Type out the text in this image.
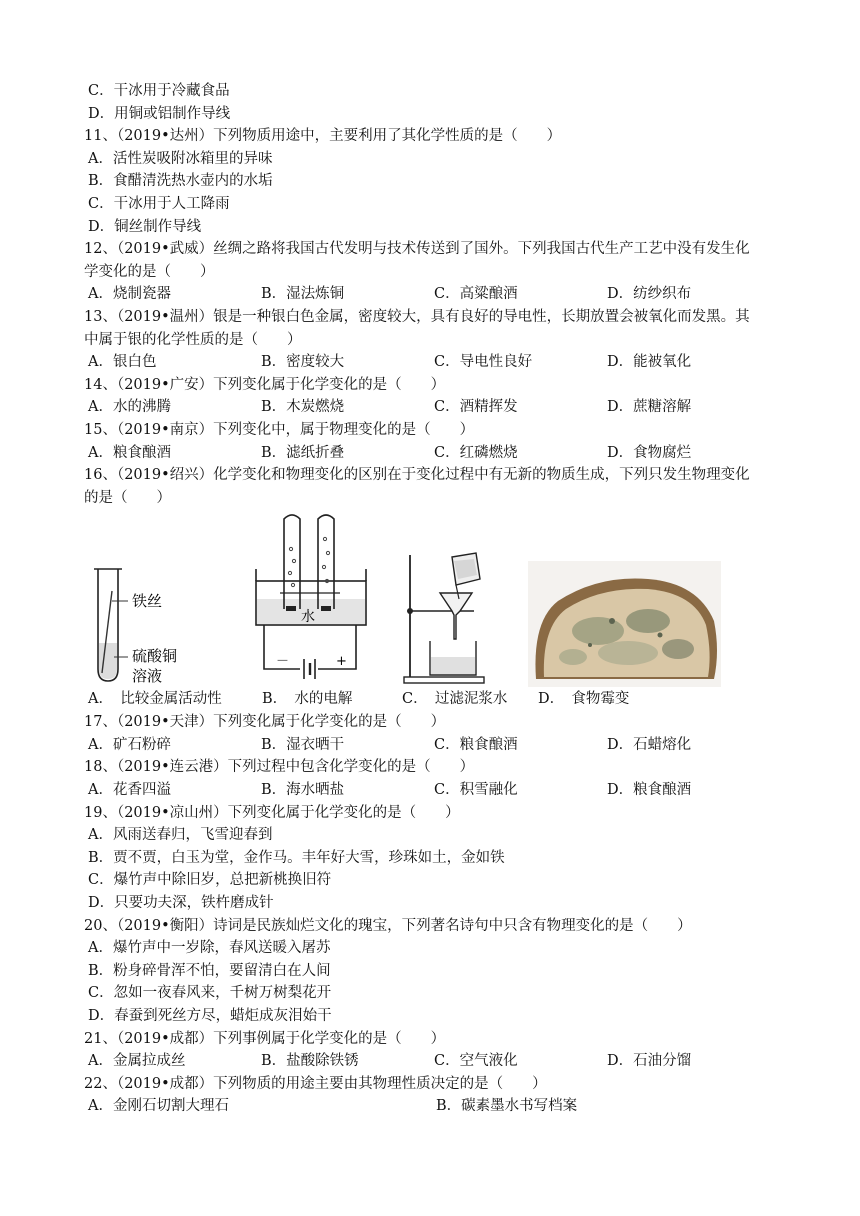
C．干冰用于冷藏食品
D．用铜或铝制作导线
11、（2019•达州）下列物质用途中，主要利用了其化学性质的是（　　）
A．活性炭吸附冰箱里的异味
B．食醋清洗热水壶内的水垢
C．干冰用于人工降雨
D．铜丝制作导线
12、（2019•武威）丝绸之路将我国古代发明与技术传送到了国外。下列我国古代生产工艺中没有发生化
学变化的是（　　）
A．烧制瓷器	B．湿法炼铜	C．高粱酿酒	D．纺纱织布
13、（2019•温州）银是一种银白色金属，密度较大，具有良好的导电性，长期放置会被氧化而发黑。其
中属于银的化学性质的是（　　）
A．银白色	B．密度较大	C．导电性良好	D．能被氧化
14、（2019•广安）下列变化属于化学变化的是（　　）
A．水的沸腾	B．木炭燃烧	C．酒精挥发	D．蔗糖溶解
15、（2019•南京）下列变化中，属于物理变化的是（　　）
A．粮食酿酒	B．滤纸折叠	C．红磷燃烧	D．食物腐烂
16、（2019•绍兴）化学变化和物理变化的区别在于变化过程中有无新的物质生成，下列只发生物理变化
的是（　　）
铁丝
硫酸铜
溶液
水
－	+
A．　比较金属活动性	B．　水的电解	C．　过滤泥浆水	D．　食物霉变
17、（2019•天津）下列变化属于化学变化的是（　　）
A．矿石粉碎	B．湿衣晒干	C．粮食酿酒	D．石蜡熔化
18、（2019•连云港）下列过程中包含化学变化的是（　　）
A．花香四溢	B．海水晒盐	C．积雪融化	D．粮食酿酒
19、（2019•凉山州）下列变化属于化学变化的是（　　）
A．风雨送春归，飞雪迎春到
B．贾不贾，白玉为堂，金作马。丰年好大雪，珍珠如土，金如铁
C．爆竹声中除旧岁，总把新桃换旧符
D．只要功夫深，铁杵磨成针
20、（2019•衡阳）诗词是民族灿烂文化的瑰宝，下列著名诗句中只含有物理变化的是（　　）
A．爆竹声中一岁除，春风送暖入屠苏
B．粉身碎骨浑不怕，要留清白在人间
C．忽如一夜春风来，千树万树梨花开
D．春蚕到死丝方尽，蜡炬成灰泪始干
21、（2019•成都）下列事例属于化学变化的是（　　）
A．金属拉成丝	B．盐酸除铁锈	C．空气液化	D．石油分馏
22、（2019•成都）下列物质的用途主要由其物理性质决定的是（　　）
A．金刚石切割大理石	B．碳素墨水书写档案
